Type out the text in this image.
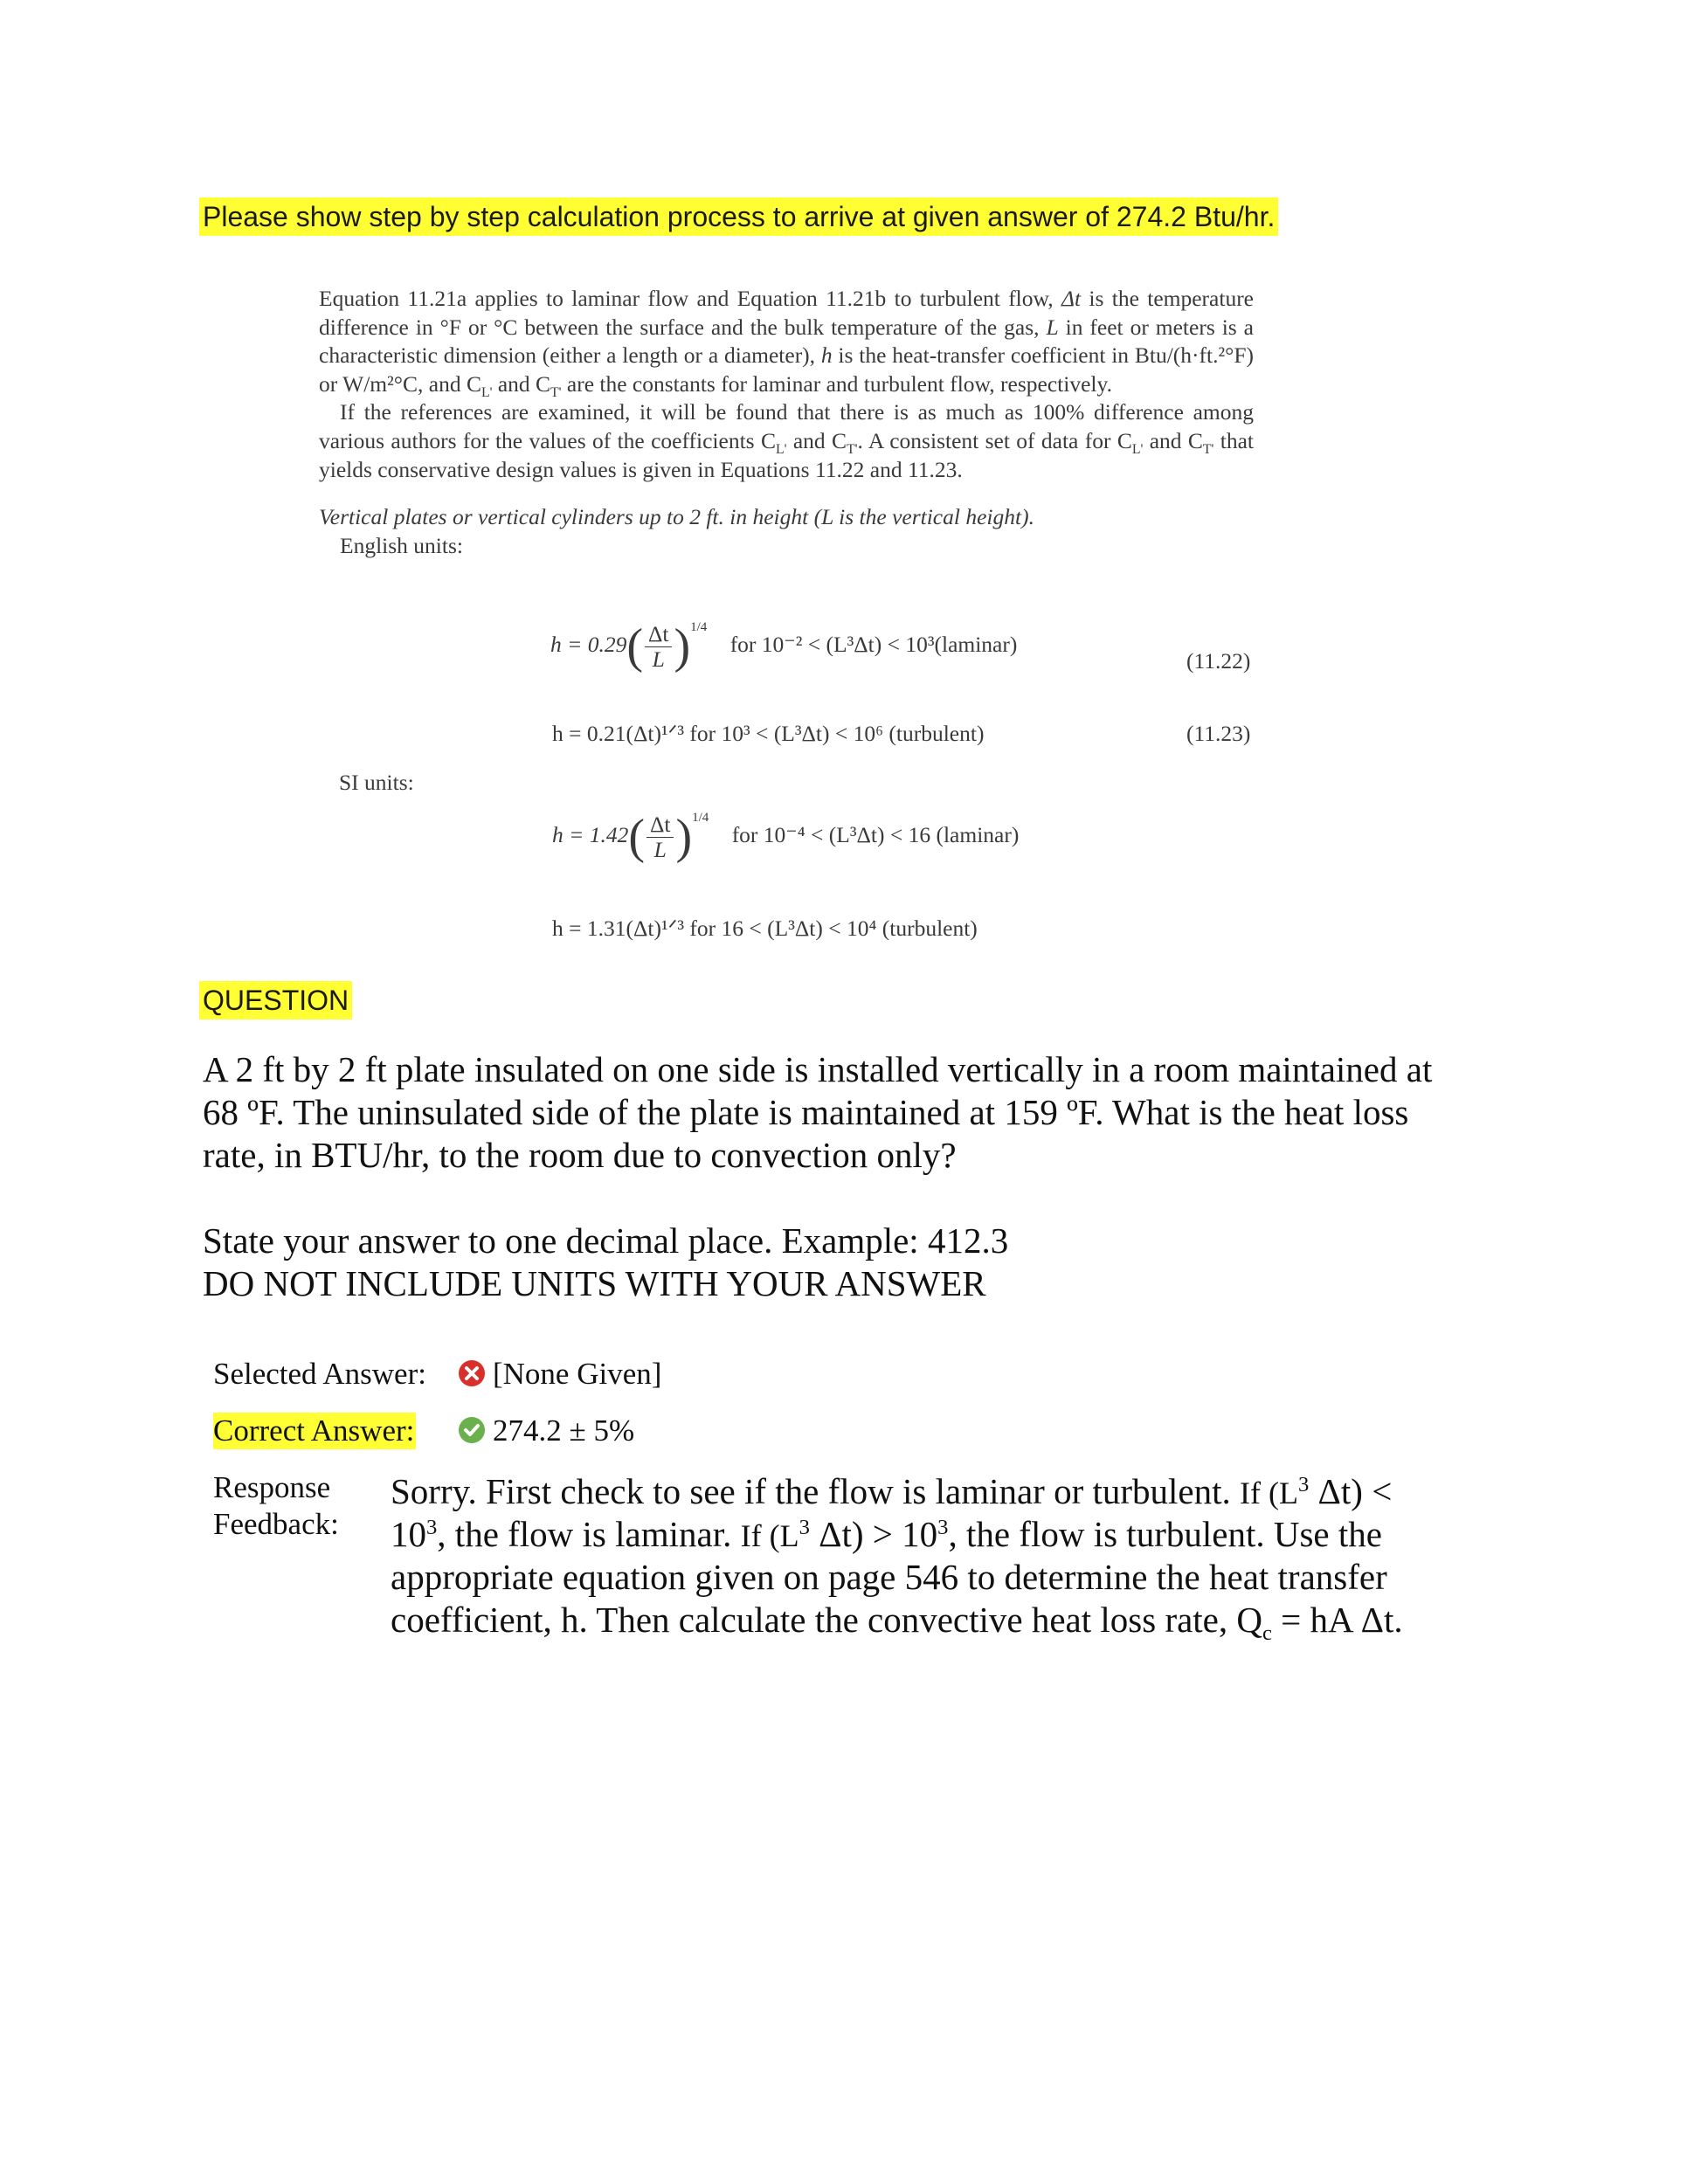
Please show step by step calculation process to arrive at given answer of 274.2 Btu/hr.

Equation 11.21a applies to laminar flow and Equation 11.21b to turbulent flow, Δt is the temperature difference in °F or °C between the surface and the bulk temperature of the gas, L in feet or meters is a characteristic dimension (either a length or a diameter), h is the heat-transfer coefficient in Btu/(h·ft.²°F) or W/m²°C, and $C_{L'}$ and $C_{T'}$ are the constants for laminar and turbulent flow, respectively.

If the references are examined, it will be found that there is as much as 100% difference among various authors for the values of the coefficients $C_{L'}$ and $C_{T'}$. A consistent set of data for $C_{L'}$ and $C_{T'}$ that yields conservative design values is given in Equations 11.22 and 11.23.

Vertical plates or vertical cylinders up to 2 ft. in height (L is the vertical height).

English units:

$h = 0.29( \frac{\Delta t}{L} )^{1/4}$ for 10⁻² < (L³Δt) < 10³(laminar)
(11.22)
h = 0.21(Δt)¹ᐟ³ for 10³ < (L³Δt) < 10⁶ (turbulent)	(11.23)
SI units:
$h = 1.42( \frac{\Delta t}{L} )^{1/4}$ for 10⁻⁴ < (L³Δt) < 16 (laminar)
h = 1.31(Δt)¹ᐟ³ for 16 < (L³Δt) < 10⁴ (turbulent)
QUESTION
A 2 ft by 2 ft plate insulated on one side is installed vertically in a room maintained at
68 ºF. The uninsulated side of the plate is maintained at 159 ºF. What is the heat loss
rate, in BTU/hr, to the room due to convection only?
State your answer to one decimal place. Example: 412.3
DO NOT INCLUDE UNITS WITH YOUR ANSWER
Selected Answer: [None Given]
Correct Answer:	274.2 ± 5%
Response
Feedback:
Sorry. First check to see if the flow is laminar or turbulent. If ($L^3$ Δt) <
$10^3$, the flow is laminar. If ($L^3$ $\Delta t) > 10^3$, the flow is turbulent. Use the
appropriate equation given on page 546 to determine the heat transfer
coefficient, h. Then calculate the convective heat loss rate, $Q_c$ = hA Δt.
